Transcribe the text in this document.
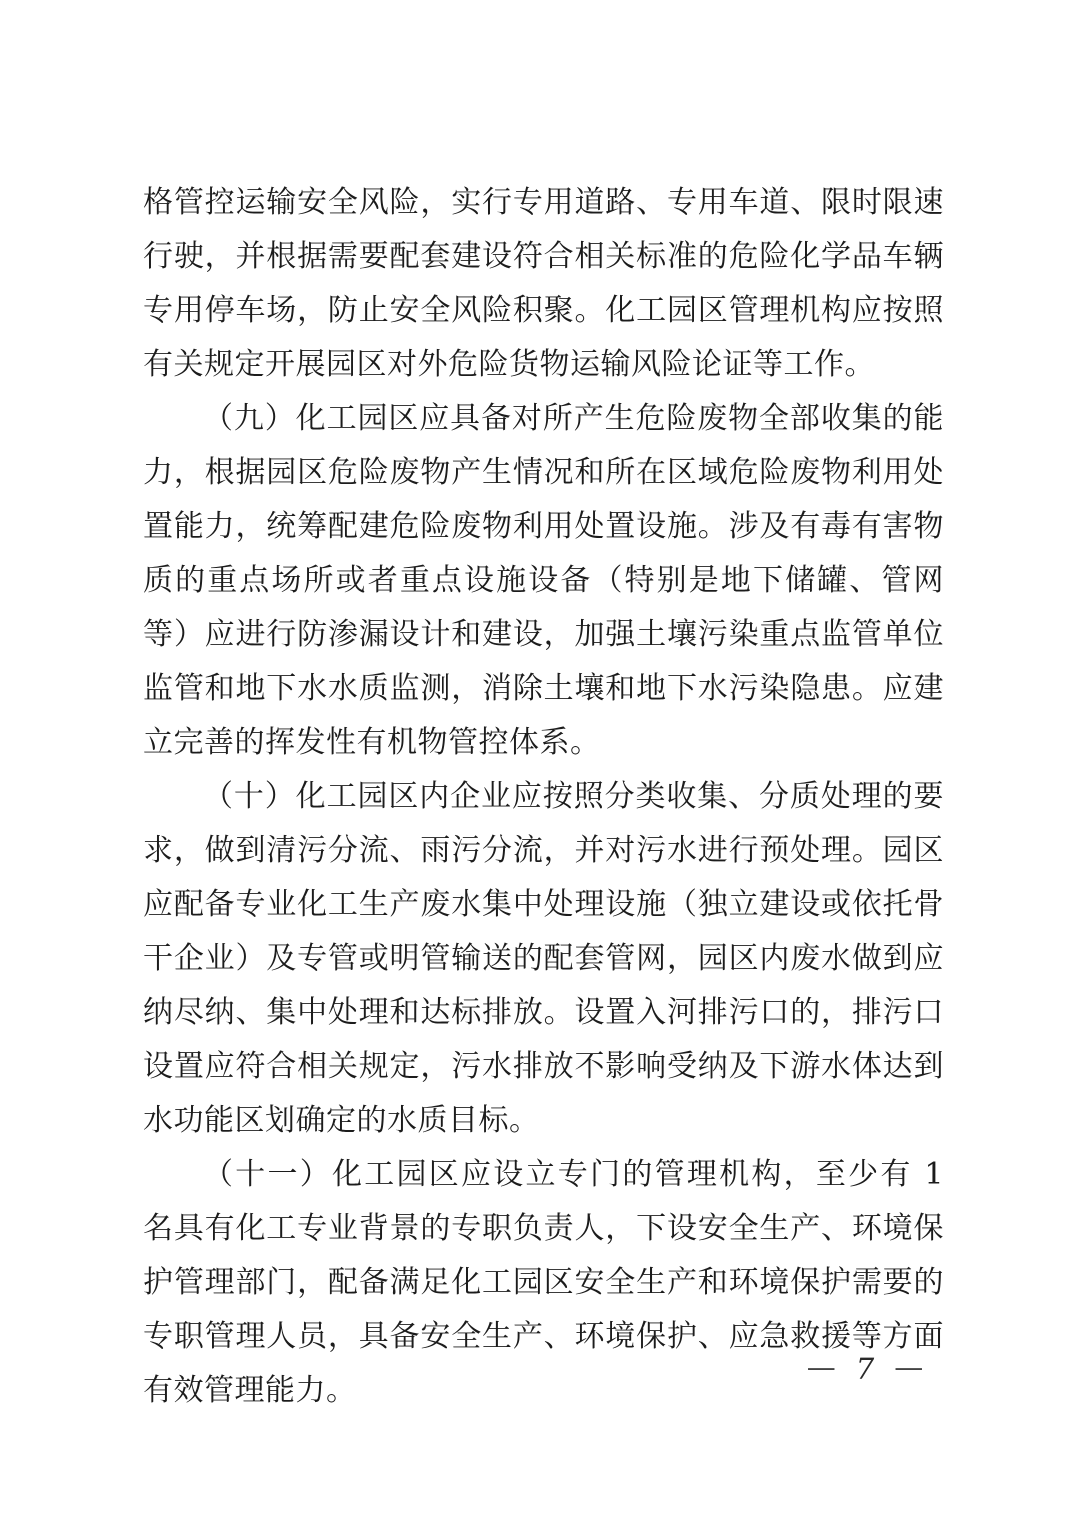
格管控运输安全风险，实行专用道路、专用车道、限时限速行驶，并根据需要配套建设符合相关标准的危险化学品车辆专用停车场，防止安全风险积聚。化工园区管理机构应按照有关规定开展园区对外危险货物运输风险论证等工作。

（九）化工园区应具备对所产生危险废物全部收集的能力，根据园区危险废物产生情况和所在区域危险废物利用处置能力，统筹配建危险废物利用处置设施。涉及有毒有害物质的重点场所或者重点设施设备（特别是地下储罐、管网等）应进行防渗漏设计和建设，加强土壤污染重点监管单位监管和地下水水质监测，消除土壤和地下水污染隐患。应建立完善的挥发性有机物管控体系。

（十）化工园区内企业应按照分类收集、分质处理的要求，做到清污分流、雨污分流，并对污水进行预处理。园区应配备专业化工生产废水集中处理设施（独立建设或依托骨干企业）及专管或明管输送的配套管网，园区内废水做到应纳尽纳、集中处理和达标排放。设置入河排污口的，排污口设置应符合相关规定，污水排放不影响受纳及下游水体达到水功能区划确定的水质目标。

（十一）化工园区应设立专门的管理机构，至少有 1 名具有化工专业背景的专职负责人，下设安全生产、环境保护管理部门，配备满足化工园区安全生产和环境保护需要的专职管理人员，具备安全生产、环境保护、应急救援等方面有效管理能力。

— 7 —
